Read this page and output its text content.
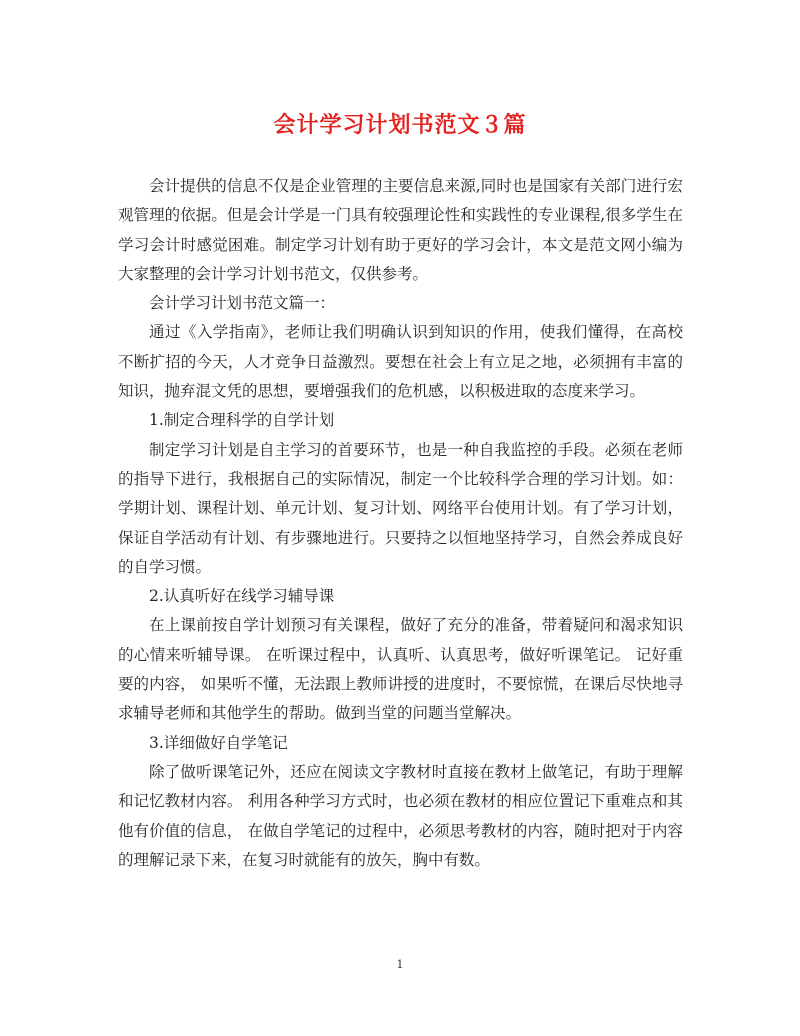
会计学习计划书范文３篇

会计提供的信息不仅是企业管理的主要信息来源,同时也是国家有关部门进行宏观管理的依据。但是会计学是一门具有较强理论性和实践性的专业课程,很多学生在学习会计时感觉困难。制定学习计划有助于更好的学习会计，本文是范文网小编为大家整理的会计学习计划书范文，仅供参考。

会计学习计划书范文篇一：

通过《入学指南》，老师让我们明确认识到知识的作用，使我们懂得，在高校不断扩招的今天，人才竞争日益激烈。要想在社会上有立足之地，必须拥有丰富的知识，抛弃混文凭的思想，要增强我们的危机感，以积极进取的态度来学习。

1.制定合理科学的自学计划

制定学习计划是自主学习的首要环节，也是一种自我监控的手段。必须在老师的指导下进行，我根据自己的实际情况，制定一个比较科学合理的学习计划。如：学期计划、课程计划、单元计划、复习计划、网络平台使用计划。有了学习计划，保证自学活动有计划、有步骤地进行。只要持之以恒地坚持学习，自然会养成良好的自学习惯。

2.认真听好在线学习辅导课

在上课前按自学计划预习有关课程，做好了充分的准备，带着疑问和渴求知识的心情来听辅导课。 在听课过程中，认真听、认真思考，做好听课笔记。 记好重要的内容， 如果听不懂，无法跟上教师讲授的进度时，不要惊慌，在课后尽快地寻求辅导老师和其他学生的帮助。做到当堂的问题当堂解决。

3.详细做好自学笔记

除了做听课笔记外，还应在阅读文字教材时直接在教材上做笔记，有助于理解和记忆教材内容。 利用各种学习方式时，也必须在教材的相应位置记下重难点和其他有价值的信息， 在做自学笔记的过程中，必须思考教材的内容，随时把对于内容的理解记录下来，在复习时就能有的放矢，胸中有数。

1
